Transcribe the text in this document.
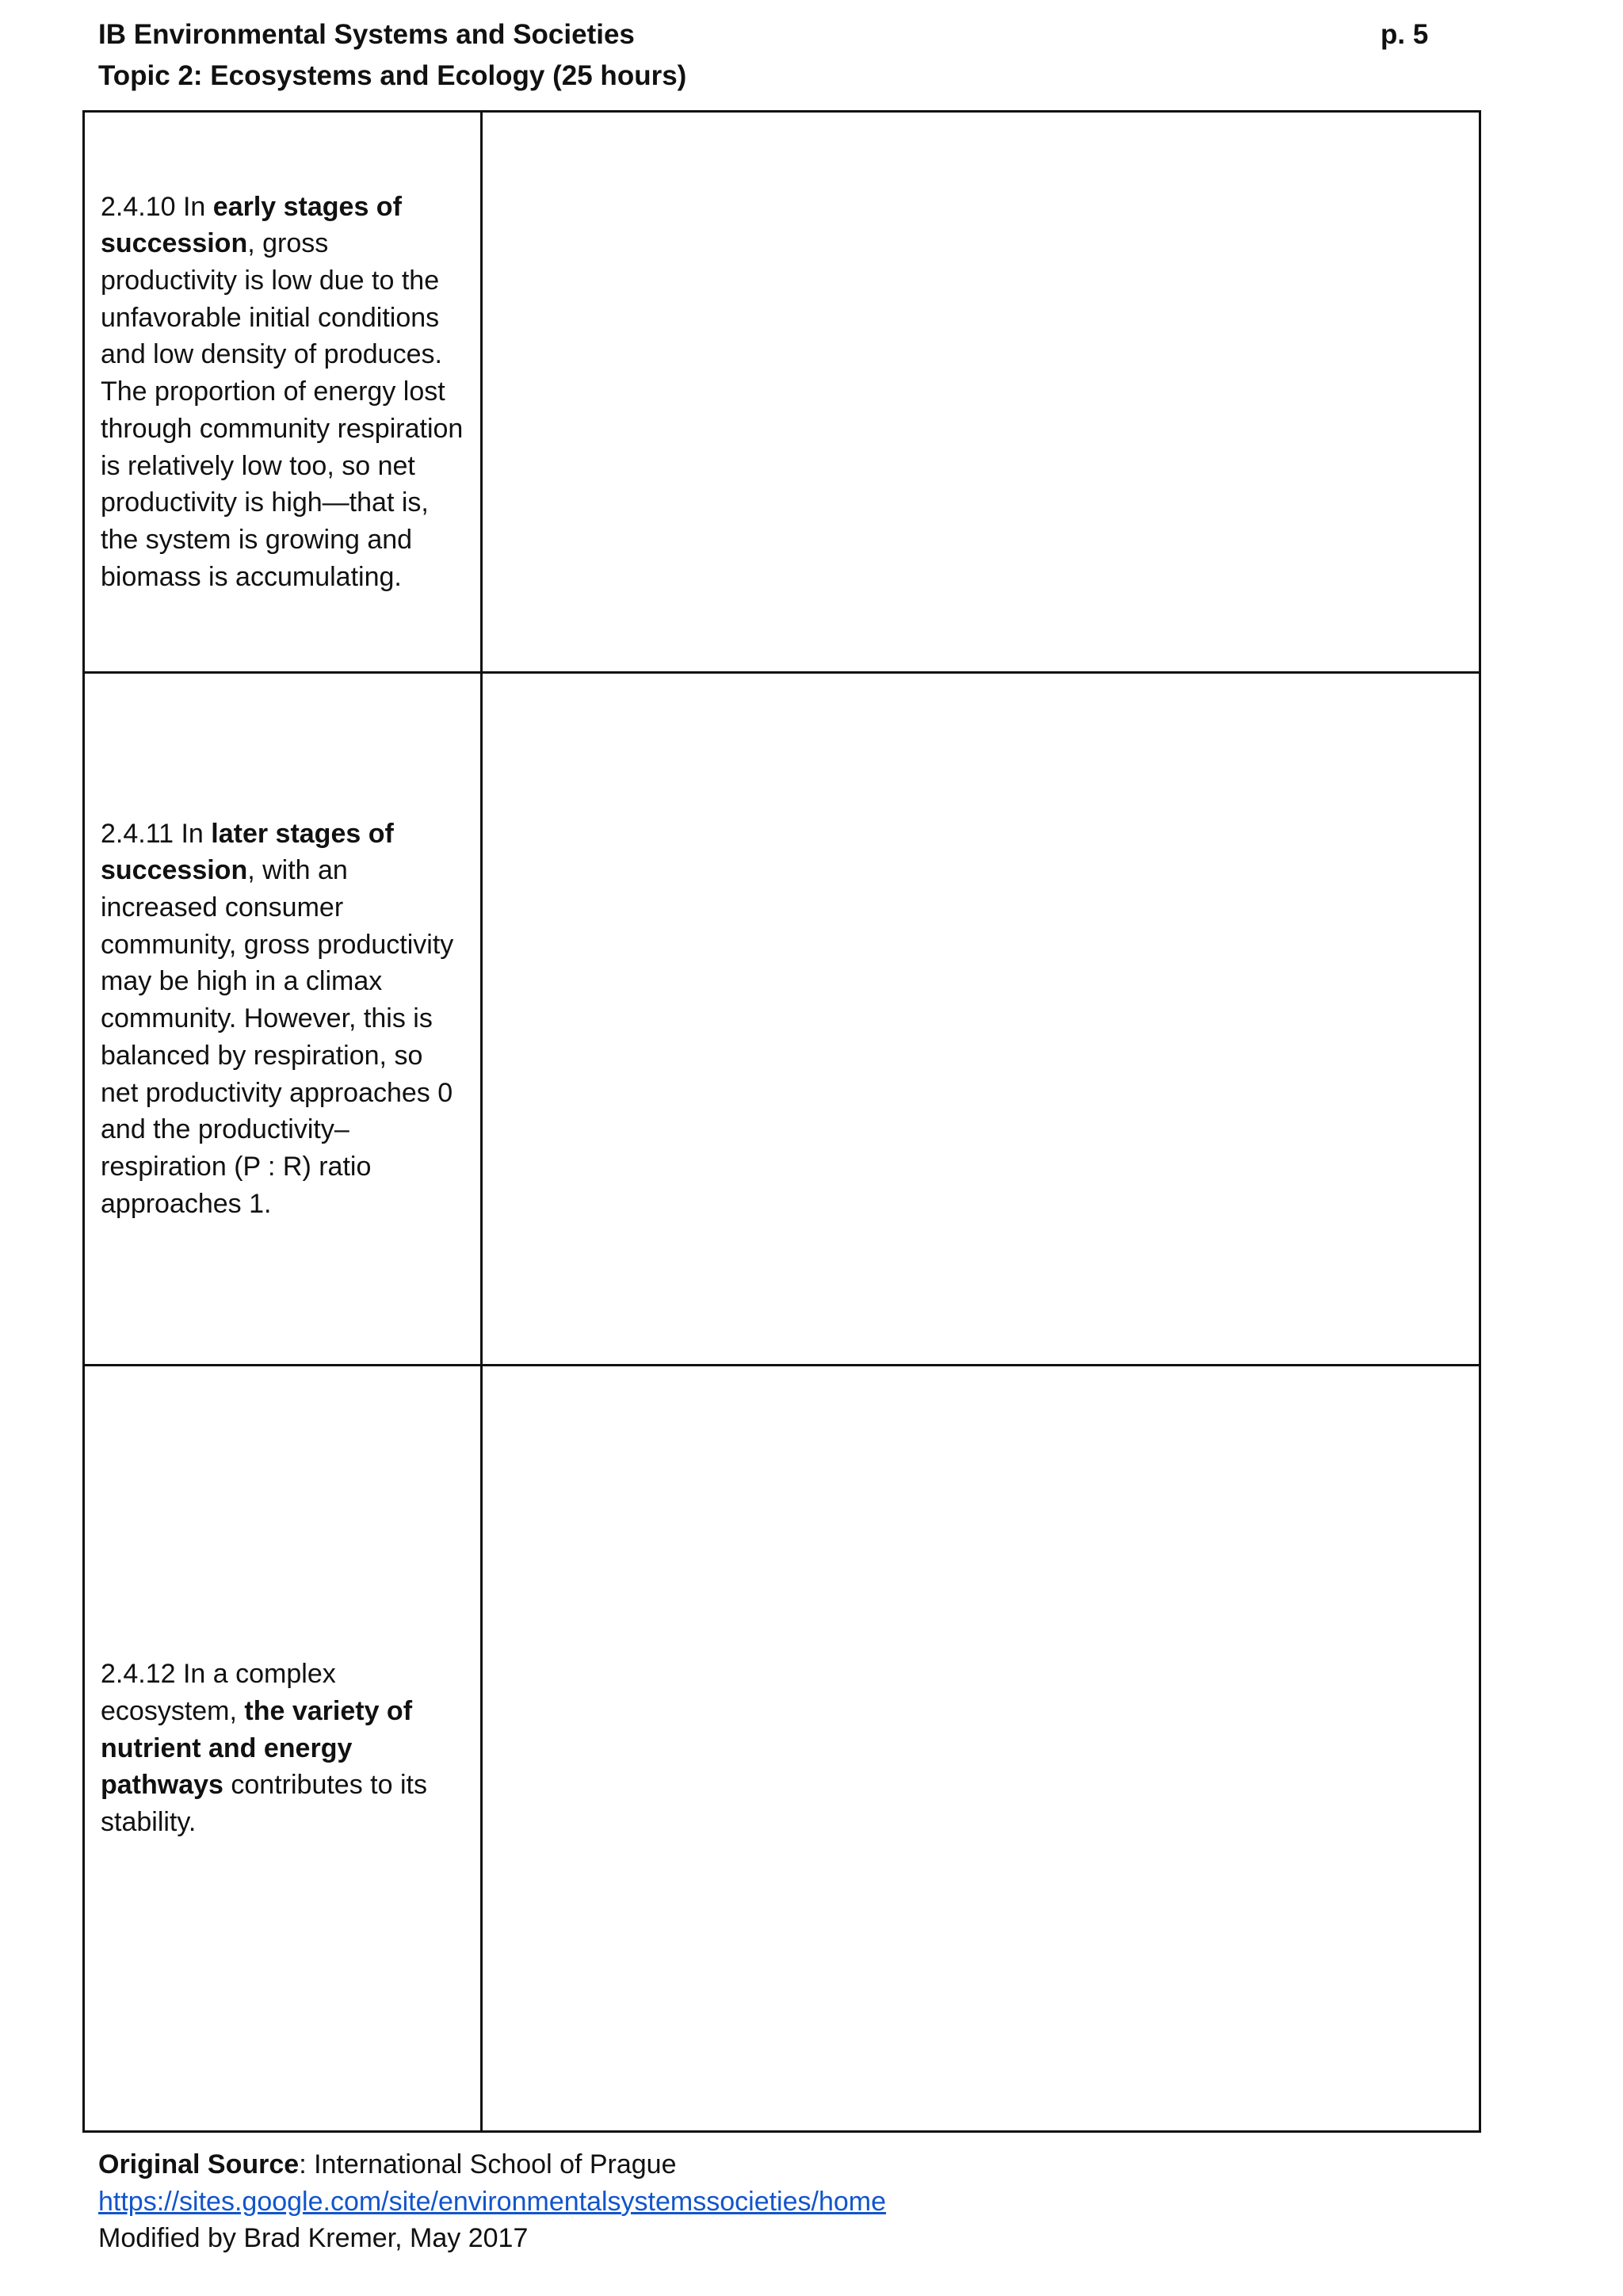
IB Environmental Systems and Societies
Topic 2: Ecosystems and Ecology (25 hours)
p. 5
2.4.10 In early stages of succession, gross productivity is low due to the unfavorable initial conditions and low density of produces. The proportion of energy lost through community respiration is relatively low too, so net productivity is high—that is, the system is growing and biomass is accumulating.	

2.4.11 In later stages of succession, with an increased consumer community, gross productivity may be high in a climax community. However, this is balanced by respiration, so net productivity approaches 0 and the productivity–respiration (P : R) ratio approaches 1.	

2.4.12 In a complex ecosystem, the variety of nutrient and energy pathways contributes to its stability.	

Original Source: International School of Prague
https://sites.google.com/site/environmentalsystemssocieties/home
Modified by Brad Kremer, May 2017
